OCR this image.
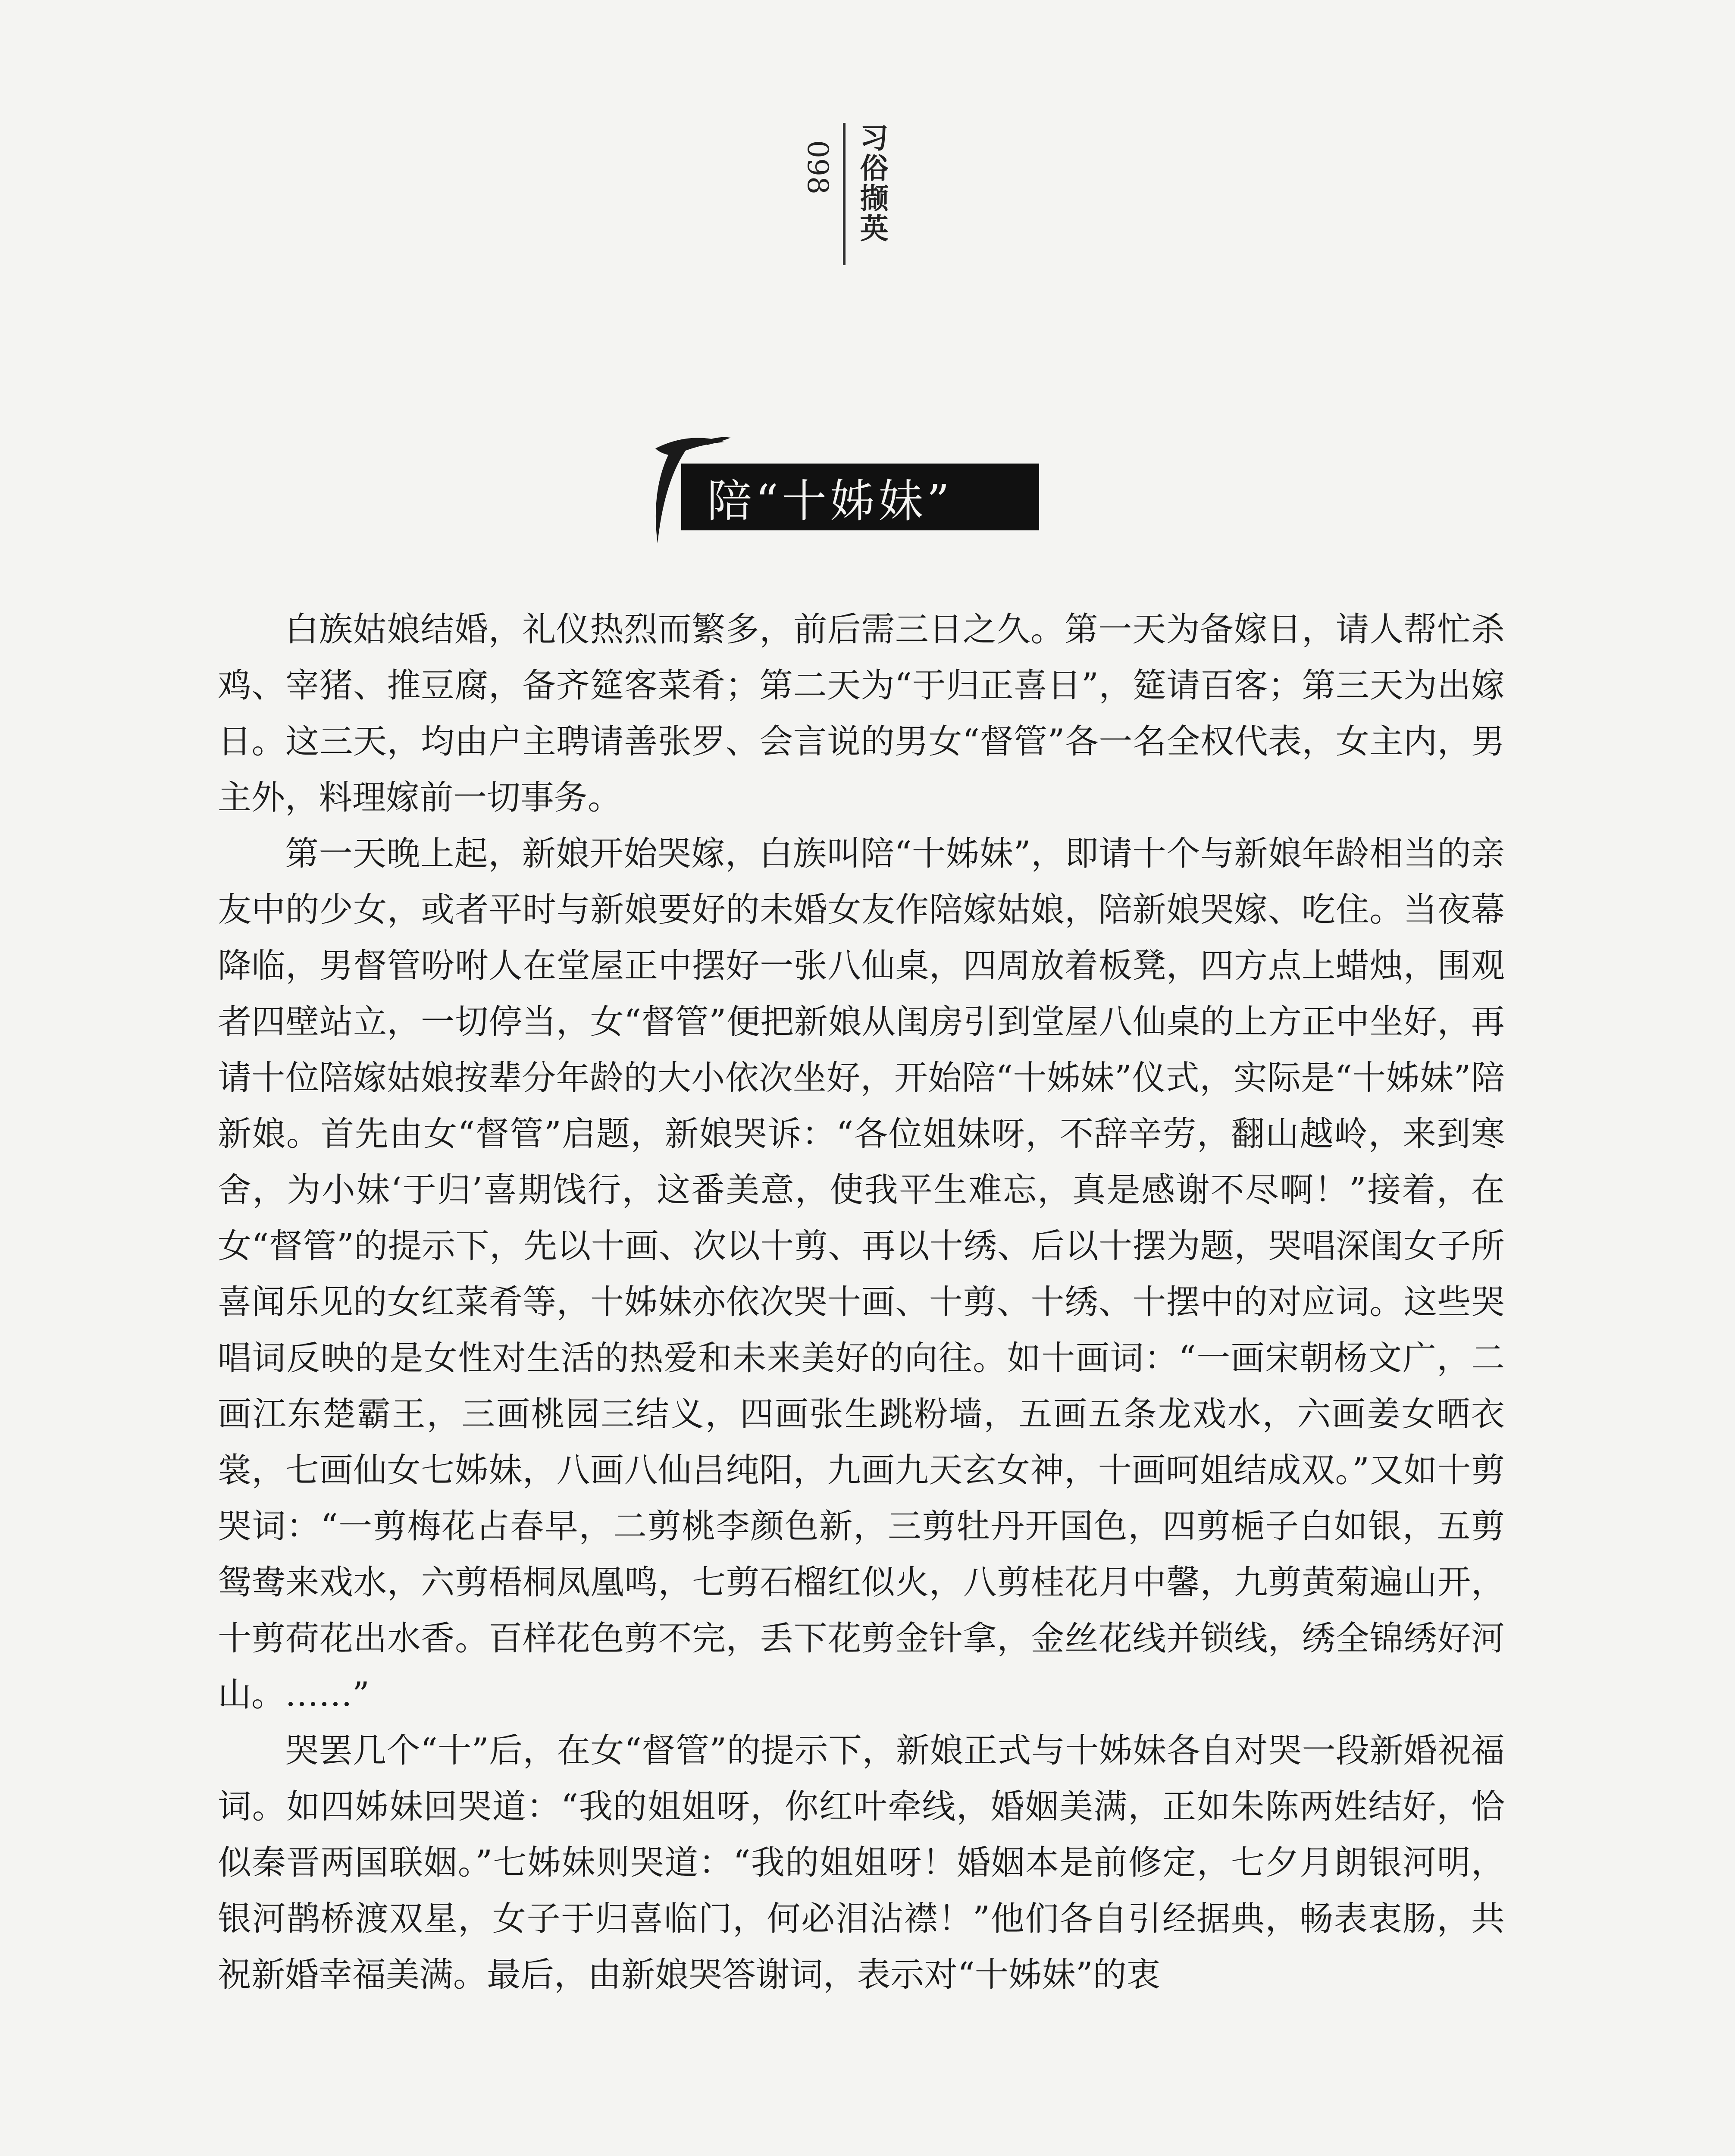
098 习俗撷英
陪“十姊妹”

白族姑娘结婚，礼仪热烈而繁多，前后需三日之久。第一天为备嫁日，请人帮忙杀鸡、宰猪、推豆腐，备齐筵客菜肴；第二天为“于归正喜日”，筵请百客；第三天为出嫁日。这三天，均由户主聘请善张罗、会言说的男女“督管”各一名全权代表，女主内，男主外，料理嫁前一切事务。

第一天晚上起，新娘开始哭嫁，白族叫陪“十姊妹”，即请十个与新娘年龄相当的亲友中的少女，或者平时与新娘要好的未婚女友作陪嫁姑娘，陪新娘哭嫁、吃住。当夜幕降临，男督管吩咐人在堂屋正中摆好一张八仙桌，四周放着板凳，四方点上蜡烛，围观者四壁站立，一切停当，女“督管”便把新娘从闺房引到堂屋八仙桌的上方正中坐好，再请十位陪嫁姑娘按辈分年龄的大小依次坐好，开始陪“十姊妹”仪式，实际是“十姊妹”陪新娘。首先由女“督管”启题，新娘哭诉：“各位姐妹呀，不辞辛劳，翻山越岭，来到寒舍，为小妹‘于归’喜期饯行，这番美意，使我平生难忘，真是感谢不尽啊！”接着，在女“督管”的提示下，先以十画、次以十剪、再以十绣、后以十摆为题，哭唱深闺女子所喜闻乐见的女红菜肴等，十姊妹亦依次哭十画、十剪、十绣、十摆中的对应词。这些哭唱词反映的是女性对生活的热爱和未来美好的向往。如十画词：“一画宋朝杨文广，二画江东楚霸王，三画桃园三结义，四画张生跳粉墙，五画五条龙戏水，六画姜女晒衣裳，七画仙女七姊妹，八画八仙吕纯阳，九画九天玄女神，十画呵姐结成双。”又如十剪哭词：“一剪梅花占春早，二剪桃李颜色新，三剪牡丹开国色，四剪梔子白如银，五剪鸳鸯来戏水，六剪梧桐凤凰鸣，七剪石榴红似火，八剪桂花月中馨，九剪黄菊遍山开，十剪荷花出水香。百样花色剪不完，丢下花剪金针拿，金丝花线并锁线，绣全锦绣好河山。……”

哭罢几个“十”后，在女“督管”的提示下，新娘正式与十姊妹各自对哭一段新婚祝福词。如四姊妹回哭道：“我的姐姐呀，你红叶牵线，婚姻美满，正如朱陈两姓结好，恰似秦晋两国联姻。”七姊妹则哭道：“我的姐姐呀！婚姻本是前修定，七夕月朗银河明，银河鹊桥渡双星，女子于归喜临门，何必泪沾襟！”他们各自引经据典，畅表衷肠，共祝新婚幸福美满。最后，由新娘哭答谢词，表示对“十姊妹”的衷
